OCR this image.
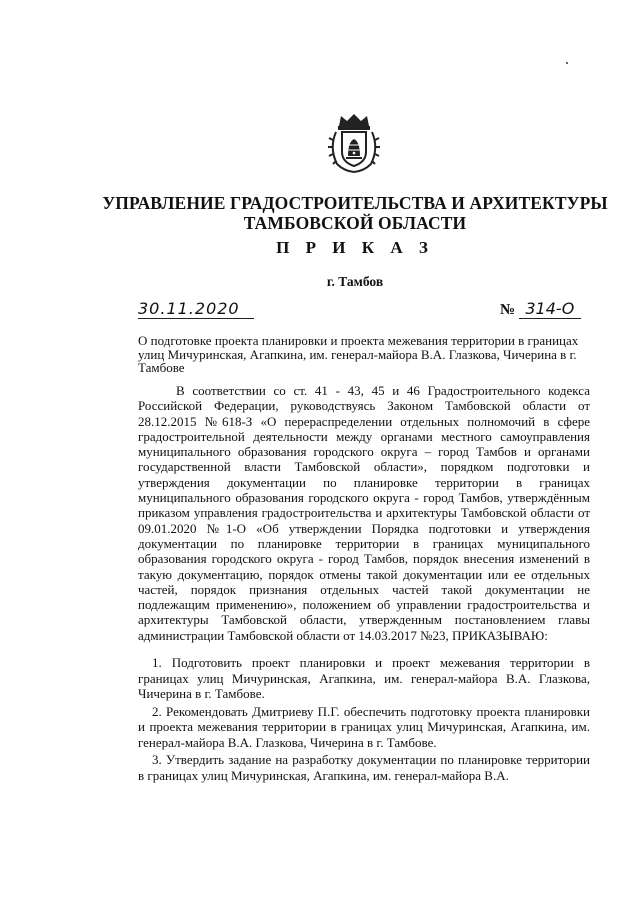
УПРАВЛЕНИЕ ГРАДОСТРОИТЕЛЬСТВА И АРХИТЕКТУРЫ
ТАМБОВСКОЙ ОБЛАСТИ
П Р И К А З
г. Тамбов
30.11.2020	№ 314-О
О подготовке проекта планировки и проекта межевания территории в границах улиц Мичуринская, Агапкина, им. генерал-майора В.А. Глазкова, Чичерина в г. Тамбове
В соответствии со ст. 41 - 43, 45 и 46 Градостроительного кодекса Российской Федерации, руководствуясь Законом Тамбовской области от 28.12.2015 №618-З «О перераспределении отдельных полномочий в сфере градостроительной деятельности между органами местного самоуправления муниципального образования городского округа – город Тамбов и органами государственной власти Тамбовской области», порядком подготовки и утверждения документации по планировке территории в границах муниципального образования городского округа - город Тамбов, утверждённым приказом управления градостроительства и архитектуры Тамбовской области от 09.01.2020 №1-О «Об утверждении Порядка подготовки и утверждения документации по планировке территории в границах муниципального образования городского округа - город Тамбов, порядок внесения изменений в такую документацию, порядок отмены такой документации или ее отдельных частей, порядок признания отдельных частей такой документации не подлежащим применению», положением об управлении градостроительства и архитектуры Тамбовской области, утвержденным постановлением главы администрации Тамбовской области от 14.03.2017 №23, ПРИКАЗЫВАЮ:
1. Подготовить проект планировки и проект межевания территории в границах улиц Мичуринская, Агапкина, им. генерал-майора В.А. Глазкова, Чичерина в г. Тамбове.
2. Рекомендовать Дмитриеву П.Г. обеспечить подготовку проекта планировки и проекта межевания территории в границах улиц Мичуринская, Агапкина, им. генерал-майора В.А. Глазкова, Чичерина в г. Тамбове.
3. Утвердить задание на разработку документации по планировке территории в границах улиц Мичуринская, Агапкина, им. генерал-майора В.А.
